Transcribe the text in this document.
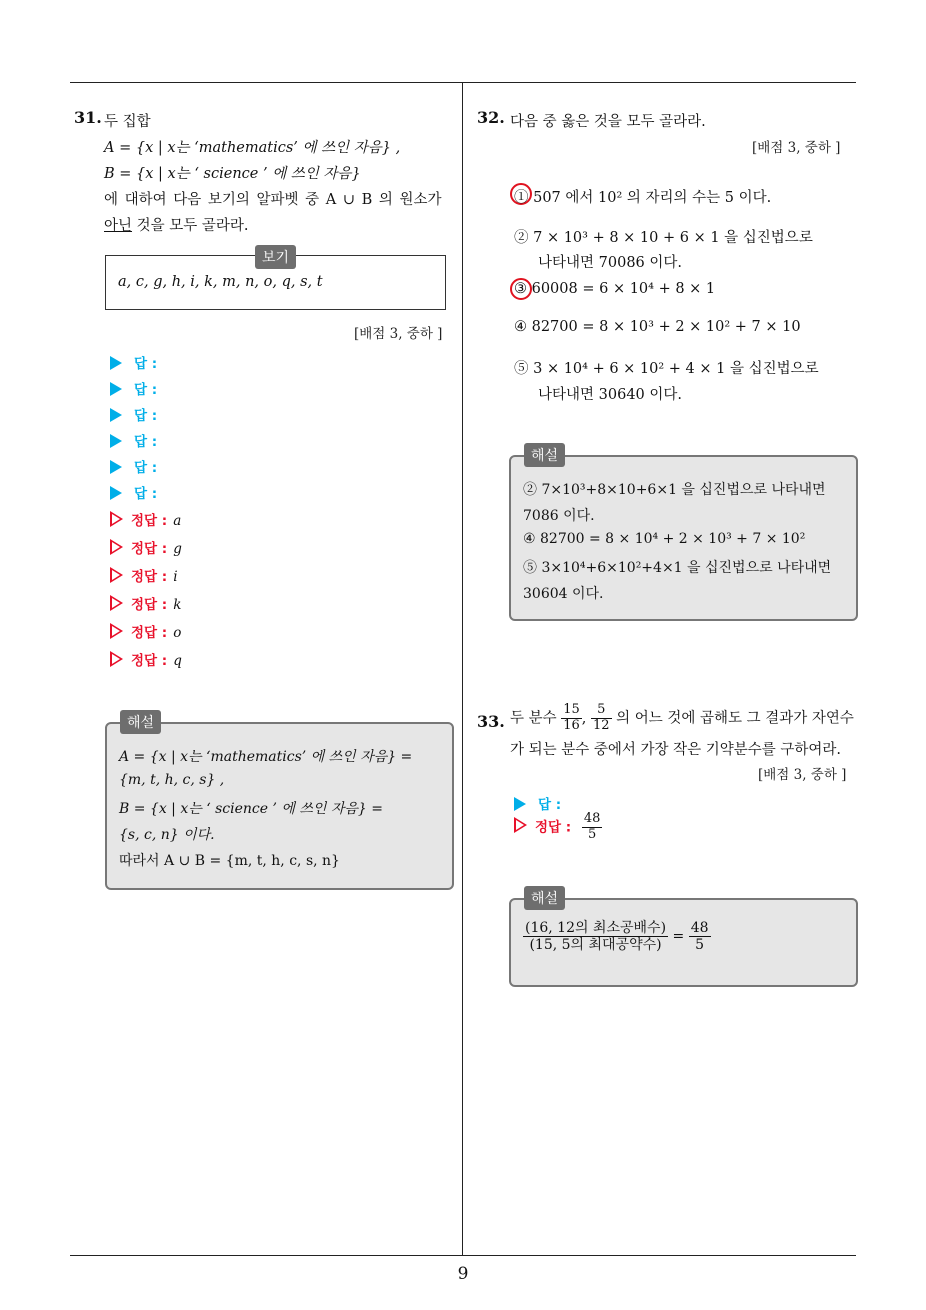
9
31. 두 집합
A = {x | x는 ‘mathematics’ 에 쓰인 자음} ,
B = {x | x는 ‘ science ’ 에 쓰인 자음}
에 대하여 다음 보기의 알파벳 중 A ∪ B 의 원소가
아닌 것을 모두 골라라.
a, c, g, h, i, k, m, n, o, q, s, t
보기
[배점 3, 중하 ]
답 :
답 :
답 :
답 :
답 :
답 :
정답 : a
정답 : g
정답 : i
정답 : k
정답 : o
정답 : q
A = {x | x는 ‘mathematics’ 에 쓰인 자음} =
{m, t, h, c, s} ,
B = {x | x는 ‘ science ’ 에 쓰인 자음} =
{s, c, n} 이다.
따라서 A ∪ B = {m, t, h, c, s, n}
해설
32. 다음 중 옳은 것을 모두 골라라.
[배점 3, 중하 ]
① 507 에서 10² 의 자리의 수는 5 이다.
② 7 × 10³ + 8 × 10 + 6 × 1 을 십진법으로
나타내면 70086 이다.
③ 60008 = 6 × 10⁴ + 8 × 1
④ 82700 = 8 × 10³ + 2 × 10² + 7 × 10
⑤ 3 × 10⁴ + 6 × 10² + 4 × 1 을 십진법으로
나타내면 30640 이다.
② 7×10³+8×10+6×1 을 십진법으로 나타내면
7086 이다.
④ 82700 = 8 × 10⁴ + 2 × 10³ + 7 × 10²
⑤ 3×10⁴+6×10²+4×1 을 십진법으로 나타내면
30604 이다.
해설
33. 두 분수 $\frac{15}{16}$ , $\frac{5}{12}$ 의 어느 것에 곱해도 그 결과가 자연수
가 되는 분수 중에서 가장 작은 기약분수를 구하여라.
[배점 3, 중하 ]
답 :
정답 : $\frac{48}{5}$
$\frac{\text{(16, 12의 최소공배수)}}{\text{(15, 5의 최대공약수)}} = \frac{48}{5}$
해설
